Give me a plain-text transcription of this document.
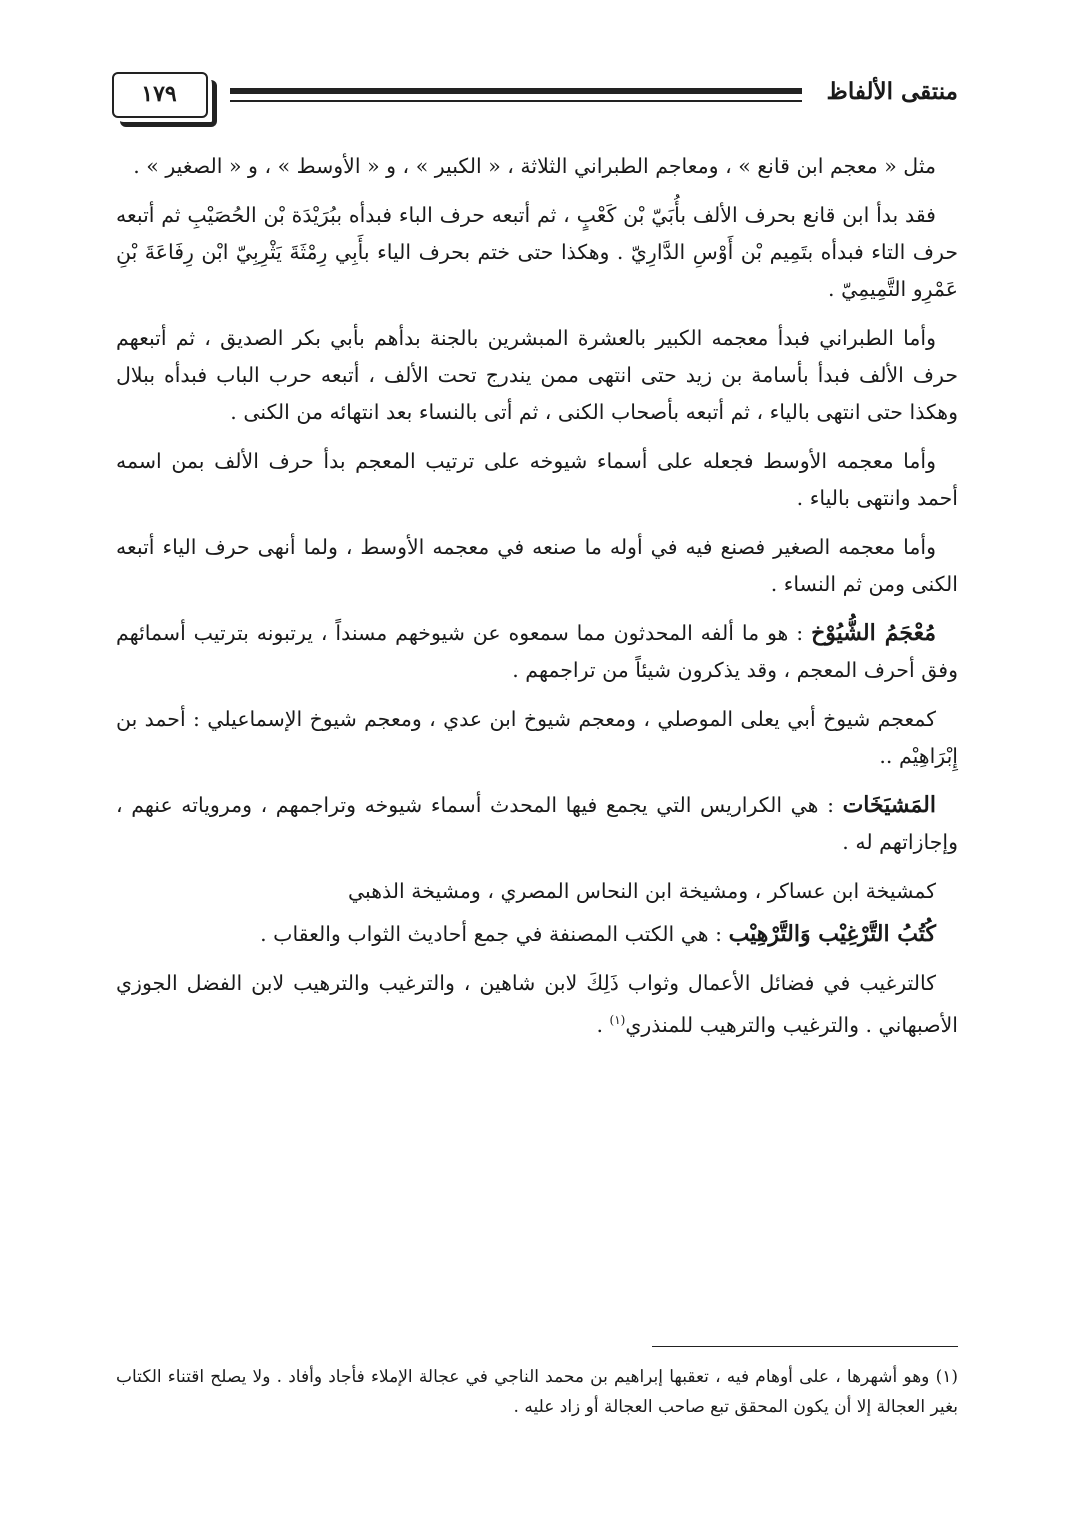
١٧٩	منتقى الألفاظ

مثل « معجم ابن قانع » ، ومعاجم الطبراني الثلاثة ، « الكبير » ، و « الأوسط » ، و « الصغير » .

فقد بدأ ابن قانع بحرف الألف بأُبَيّ بْن كَعْبٍ ، ثم أتبعه حرف الباء فبدأه ببُرَيْدَة بْن الحُصَيْبِ ثم أتبعه حرف التاء فبدأه بتَمِيم بْن أَوْسِ الدَّارِيّ . وهكذا حتى ختم بحرف الياء بأَبِي رِمْثَةَ يَثْرِبِيّ ابْن رِفَاعَةَ بْنِ عَمْرِو التَّمِيمِيّ .

وأما الطبراني فبدأ معجمه الكبير بالعشرة المبشرين بالجنة بدأهم بأبي بكر الصديق ، ثم أتبعهم حرف الألف فبدأ بأسامة بن زيد حتى انتهى ممن يندرج تحت الألف ، أتبعه حرب الباب فبدأه ببلال وهكذا حتى انتهى بالياء ، ثم أتبعه بأصحاب الكنى ، ثم أتى بالنساء بعد انتهائه من الكنى .

وأما معجمه الأوسط فجعله على أسماء شيوخه على ترتيب المعجم بدأ حرف الألف بمن اسمه أحمد وانتهى بالياء .

وأما معجمه الصغير فصنع فيه في أوله ما صنعه في معجمه الأوسط ، ولما أنهى حرف الياء أتبعه الكنى ومن ثم النساء .

مُعْجَمُ الشُّيُوْخ : هو ما ألفه المحدثون مما سمعوه عن شيوخهم مسنداً ، يرتبونه بترتيب أسمائهم وفق أحرف المعجم ، وقد يذكرون شيئاً من تراجمهم .

كمعجم شيوخ أبي يعلى الموصلي ، ومعجم شيوخ ابن عدي ، ومعجم شيوخ الإسماعيلي : أحمد بن إِبْرَاهِيْم ..

المَشيَخَات : هي الكراريس التي يجمع فيها المحدث أسماء شيوخه وتراجمهم ، ومروياته عنهم ، وإجازاتهم له .

كمشيخة ابن عساكر ، ومشيخة ابن النحاس المصري ، ومشيخة الذهبي

كُتُبُ التَّرْغِيْب وَالتَّرْهِيْب : هي الكتب المصنفة في جمع أحاديث الثواب والعقاب .

كالترغيب في فضائل الأعمال وثواب ذَلِكَ لابن شاهين ، والترغيب والترهيب لابن الفضل الجوزي الأصبهاني . والترغيب والترهيب للمنذري$^{(١)}$ .

(١) وهو أشهرها ، على أوهام فيه ، تعقبها إبراهيم بن محمد الناجي في عجالة الإملاء فأجاد وأفاد . ولا يصلح اقتناء الكتاب بغير العجالة إلا أن يكون المحقق تبع صاحب العجالة أو زاد عليه .
